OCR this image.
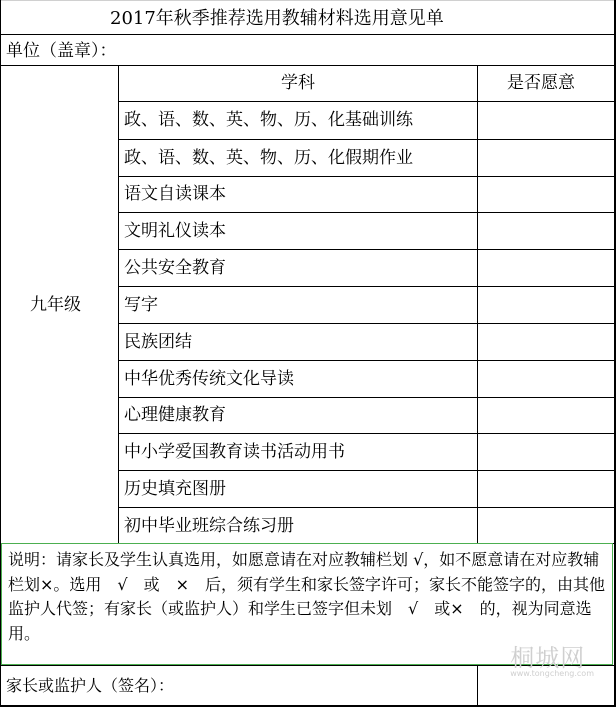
2017年秋季推荐选用教辅材料选用意见单
单位（盖章）：
学科	是否愿意
九年级
政、语、数、英、物、历、化基础训练
政、语、数、英、物、历、化假期作业
语文自读课本
文明礼仪读本
公共安全教育
写字
民族团结
中华优秀传统文化导读
心理健康教育
中小学爱国教育读书活动用书
历史填充图册
初中毕业班综合练习册
说明：请家长及学生认真选用，如愿意请在对应教辅栏划 √，如不愿意请在对应教辅栏划×。选用　√　或　×　后，须有学生和家长签字许可；家长不能签字的，由其他监护人代签；有家长（或监护人）和学生已签字但未划　√　或×　的，视为同意选用。
家长或监护人（签名）：
桐城网
www.tongcheng.com
